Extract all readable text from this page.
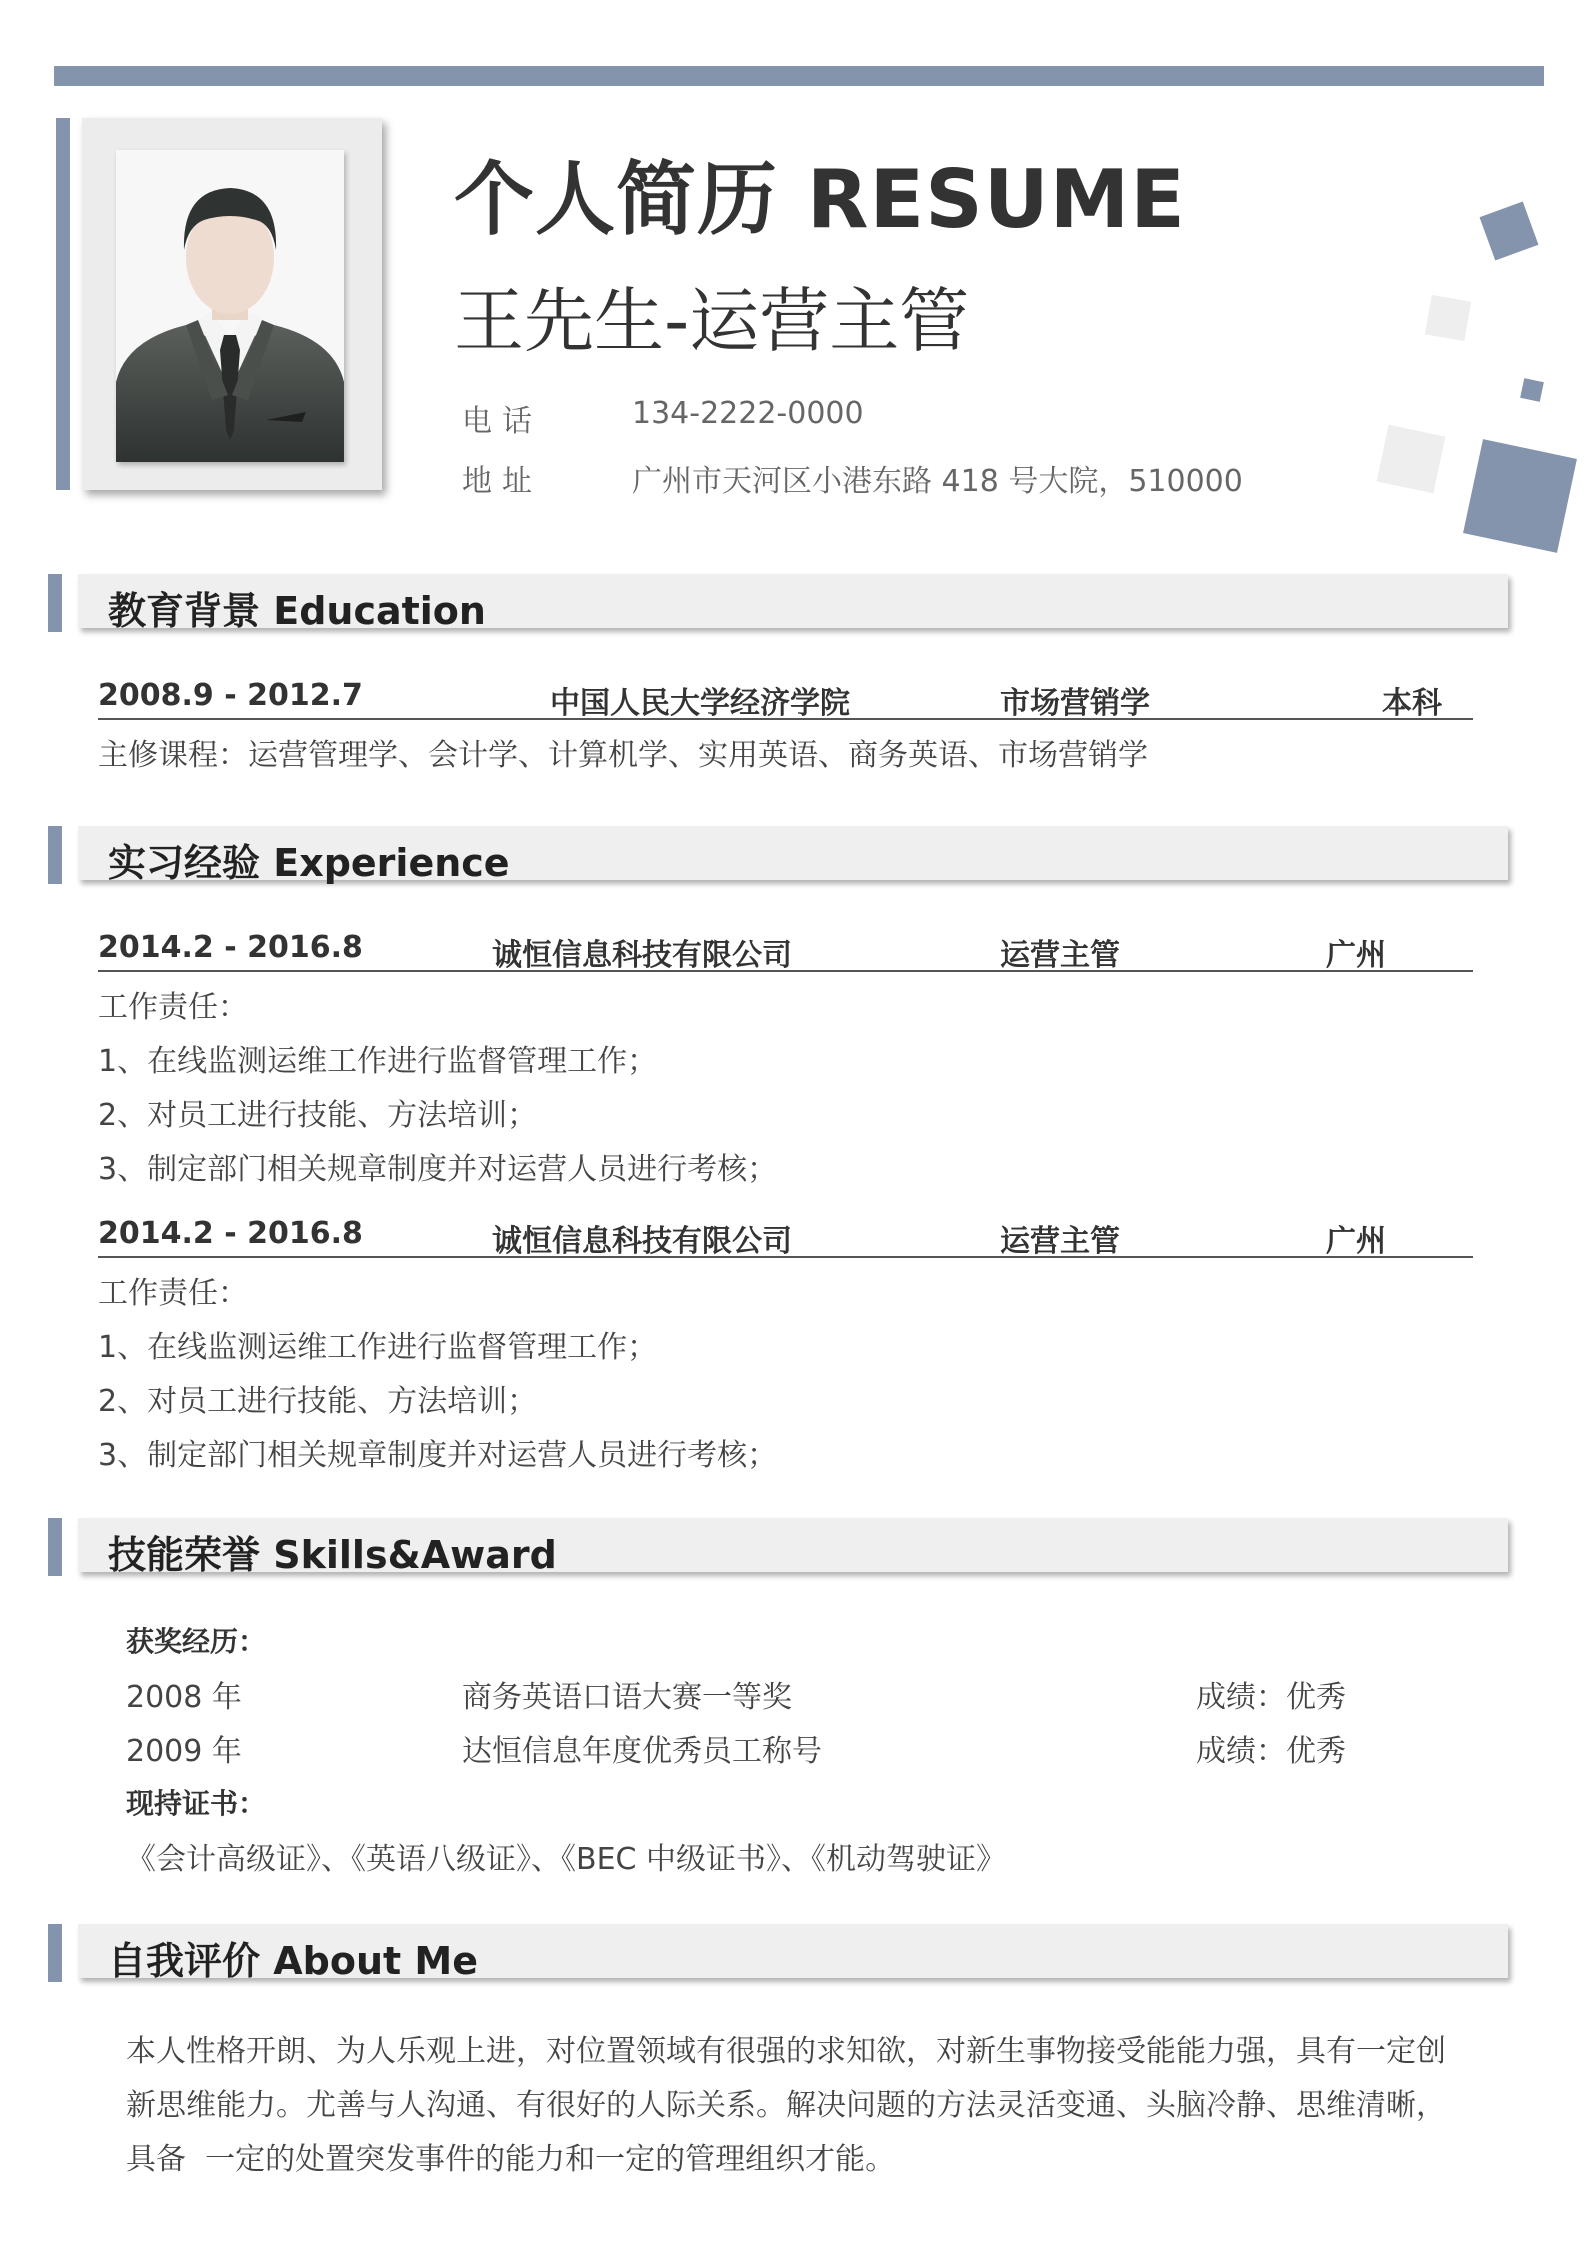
个人简历 RESUME
王先生-运营主管
电话	134-2222-0000
地址	广州市天河区小港东路 418 号大院，510000
教育背景 Education
2008.9 - 2012.7	中国人民大学经济学院	市场营销学	本科
主修课程：运营管理学、会计学、计算机学、实用英语、商务英语、市场营销学
实习经验 Experience
2014.2 - 2016.8	诚恒信息科技有限公司	运营主管	广州
工作责任：
1、在线监测运维工作进行监督管理工作；
2、对员工进行技能、方法培训；
3、制定部门相关规章制度并对运营人员进行考核；
2014.2 - 2016.8	诚恒信息科技有限公司	运营主管	广州
工作责任：
1、在线监测运维工作进行监督管理工作；
2、对员工进行技能、方法培训；
3、制定部门相关规章制度并对运营人员进行考核；
技能荣誉 Skills&Award
获奖经历：
2008 年	商务英语口语大赛一等奖	成绩：优秀
2009 年	达恒信息年度优秀员工称号	成绩：优秀
现持证书：
《会计高级证》、《英语八级证》、《BEC 中级证书》、《机动驾驶证》
自我评价 About Me
本人性格开朗、为人乐观上进，对位置领域有很强的求知欲，对新生事物接受能能力强，具有一定创
新思维能力。尤善与人沟通、有很好的人际关系。解决问题的方法灵活变通、头脑冷静、思维清晰，
具备  一定的处置突发事件的能力和一定的管理组织才能。
